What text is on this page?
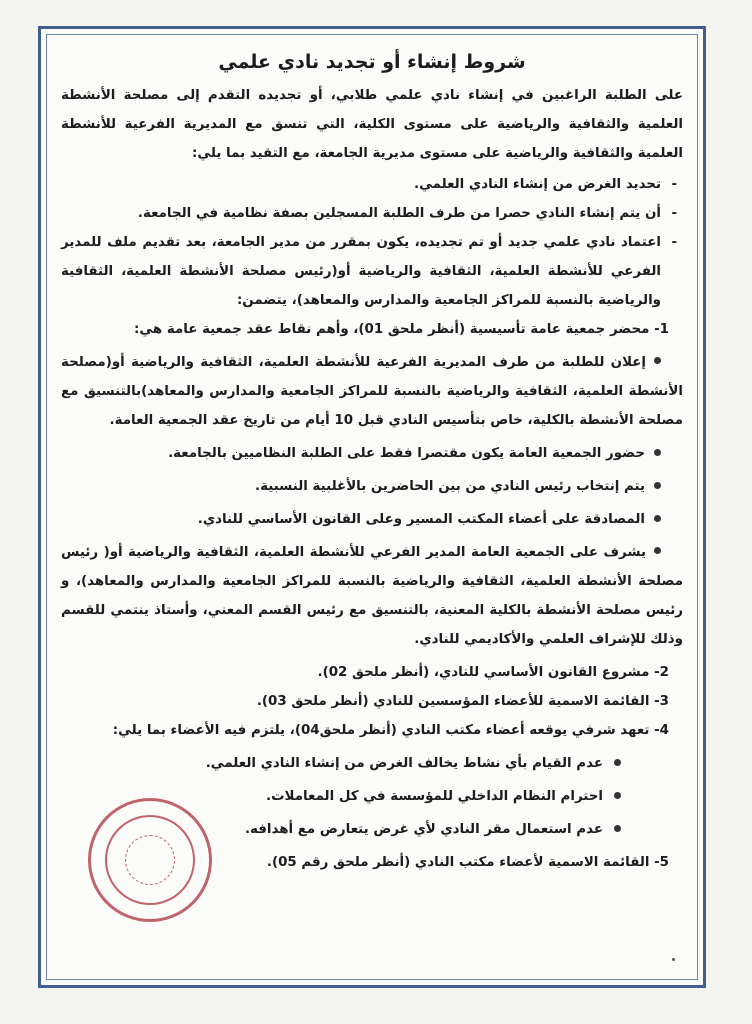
شروط إنشاء أو تجديد نادي علمي

على الطلبة الراغبين في إنشاء نادي علمي طلابي، أو تجديده التقدم إلى مصلحة الأنشطة العلمية والثقافية والرياضية على مستوى الكلية، التي تنسق مع المديرية الفرعية للأنشطة العلمية والثقافية والرياضية على مستوى مديرية الجامعة، مع التقيد بما يلي:

-
تحديد الغرض من إنشاء النادي العلمي.
-
أن يتم إنشاء النادي حصرا من طرف الطلبة المسجلين بصفة نظامية في الجامعة.
-
اعتماد نادي علمي جديد أو تم تجديده، يكون بمقرر من مدير الجامعة، بعد تقديم ملف للمدير الفرعي للأنشطة العلمية، الثقافية والرياضية أو(رئيس مصلحة الأنشطة العلمية، الثقافية والرياضية بالنسبة للمراكز الجامعية والمدارس والمعاهد)، يتضمن:

1- محضر جمعية عامة تأسيسية (أنظر ملحق 01)، وأهم نقاط عقد جمعية عامة هي:

إعلان للطلبة من طرف المديرية الفرعية للأنشطة العلمية، الثقافية والرياضية أو(مصلحة الأنشطة العلمية، الثقافية والرياضية بالنسبة للمراكز الجامعية والمدارس والمعاهد)بالتنسيق مع مصلحة الأنشطة بالكلية، خاص بتأسيس النادي قبل 10 أيام من تاريخ عقد الجمعية العامة.
حضور الجمعية العامة يكون مقتصرا فقط على الطلبة النظاميين بالجامعة.
يتم إنتخاب رئيس النادي من بين الحاضرين بالأغلبية النسبية.
المصادقة على أعضاء المكتب المسير وعلى القانون الأساسي للنادي.
يشرف على الجمعية العامة المدير الفرعي للأنشطة العلمية، الثقافية والرياضية أو( رئيس مصلحة الأنشطة العلمية، الثقافية والرياضية بالنسبة للمراكز الجامعية والمدارس والمعاهد)، و رئيس مصلحة الأنشطة بالكلية المعنية، بالتنسيق مع رئيس القسم المعني، وأستاذ ينتمي للقسم وذلك للإشراف العلمي والأكاديمي للنادي.

2- مشروع القانون الأساسي للنادي، (أنظر ملحق 02).

3- القائمة الاسمية للأعضاء المؤسسين للنادي (أنظر ملحق 03).

4- تعهد شرفي يوقعه أعضاء مكتب النادي (أنظر ملحق04)، يلتزم فيه الأعضاء بما يلي:

عدم القيام بأي نشاط يخالف الغرض من إنشاء النادي العلمي.
احترام النظام الداخلي للمؤسسة في كل المعاملات.
عدم استعمال مقر النادي لأي غرض يتعارض مع أهدافه.

5- القائمة الاسمية لأعضاء مكتب النادي (أنظر ملحق رقم 05).
